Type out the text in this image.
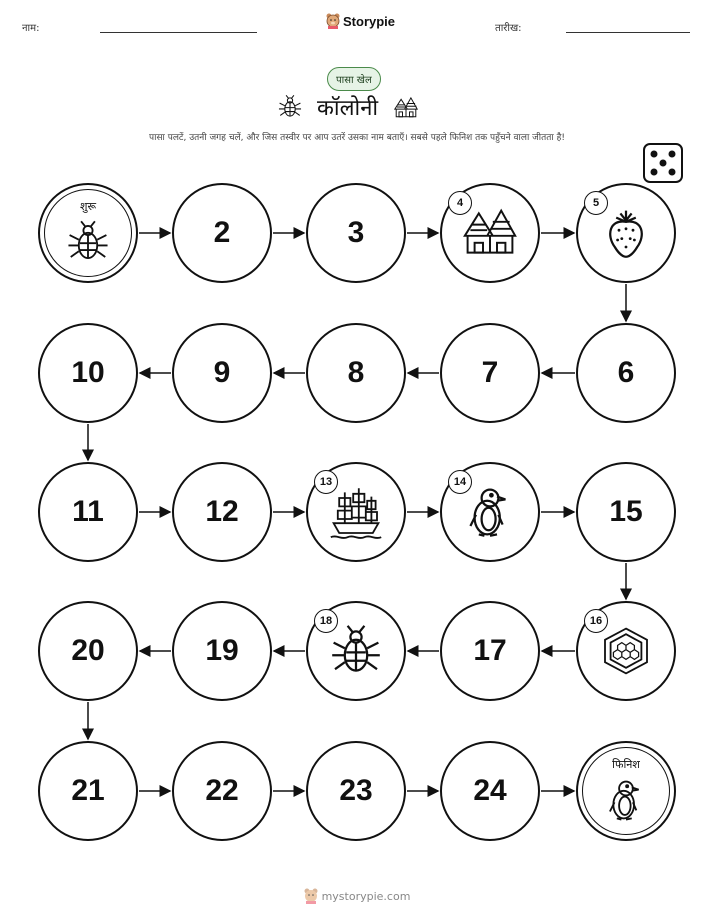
नाम:	Storypie	तारीख:
पासा खेल
कॉलोनी
पासा पलटें, उतनी जगह चलें, और जिस तस्वीर पर आप उतरें उसका नाम बताएँ। सबसे पहले फिनिश तक पहुँचने वाला जीतता है!
शुरू
2	3
4	5
6
7
8
9
10
11	12
13	14
15
16
17
18
19
20
21	22	23	24
फिनिश
mystorypie.com
